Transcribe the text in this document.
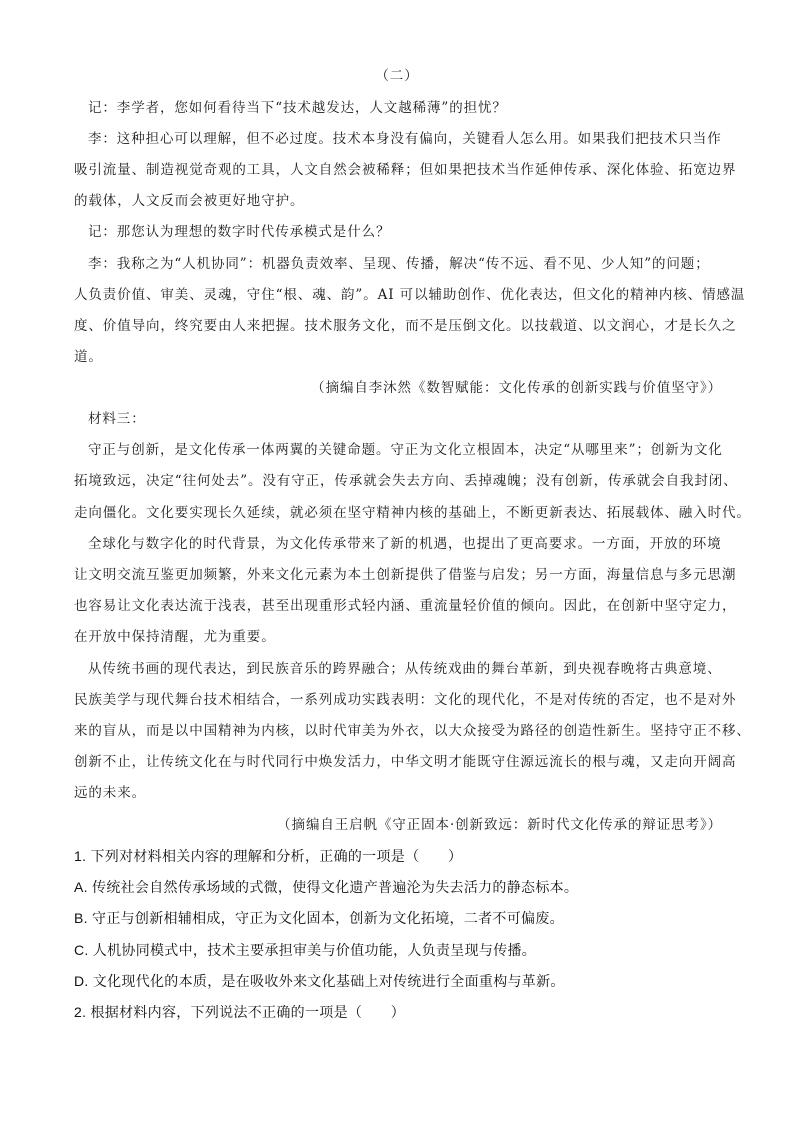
（二）
记：李学者，您如何看待当下“技术越发达，人文越稀薄”的担忧？
李：这种担心可以理解，但不必过度。技术本身没有偏向，关键看人怎么用。如果我们把技术只当作
吸引流量、制造视觉奇观的工具，人文自然会被稀释；但如果把技术当作延伸传承、深化体验、拓宽边界
的载体，人文反而会被更好地守护。
记：那您认为理想的数字时代传承模式是什么？
李：我称之为“人机协同”：机器负责效率、呈现、传播，解决“传不远、看不见、少人知”的问题；
人负责价值、审美、灵魂，守住“根、魂、韵”。AI 可以辅助创作、优化表达，但文化的精神内核、情感温
度、价值导向，终究要由人来把握。技术服务文化，而不是压倒文化。以技载道、以文润心，才是长久之
道。
（摘编自李沐然《数智赋能：文化传承的创新实践与价值坚守》）
材料三：
守正与创新，是文化传承一体两翼的关键命题。守正为文化立根固本，决定“从哪里来”；创新为文化
拓境致远，决定“往何处去”。没有守正，传承就会失去方向、丢掉魂魄；没有创新，传承就会自我封闭、
走向僵化。文化要实现长久延续，就必须在坚守精神内核的基础上，不断更新表达、拓展载体、融入时代。
全球化与数字化的时代背景，为文化传承带来了新的机遇，也提出了更高要求。一方面，开放的环境
让文明交流互鉴更加频繁，外来文化元素为本土创新提供了借鉴与启发；另一方面，海量信息与多元思潮
也容易让文化表达流于浅表，甚至出现重形式轻内涵、重流量轻价值的倾向。因此，在创新中坚守定力，
在开放中保持清醒，尤为重要。
从传统书画的现代表达，到民族音乐的跨界融合；从传统戏曲的舞台革新，到央视春晚将古典意境、
民族美学与现代舞台技术相结合，一系列成功实践表明：文化的现代化，不是对传统的否定，也不是对外
来的盲从，而是以中国精神为内核，以时代审美为外衣，以大众接受为路径的创造性新生。坚持守正不移、
创新不止，让传统文化在与时代同行中焕发活力，中华文明才能既守住源远流长的根与魂，又走向开阔高
远的未来。
（摘编自王启帆《守正固本·创新致远：新时代文化传承的辩证思考》）
1. 下列对材料相关内容的理解和分析，正确的一项是（　　）
A. 传统社会自然传承场域的式微，使得文化遗产普遍沦为失去活力的静态标本。
B. 守正与创新相辅相成，守正为文化固本，创新为文化拓境，二者不可偏废。
C. 人机协同模式中，技术主要承担审美与价值功能，人负责呈现与传播。
D. 文化现代化的本质，是在吸收外来文化基础上对传统进行全面重构与革新。
2. 根据材料内容，下列说法不正确的一项是（　　）
